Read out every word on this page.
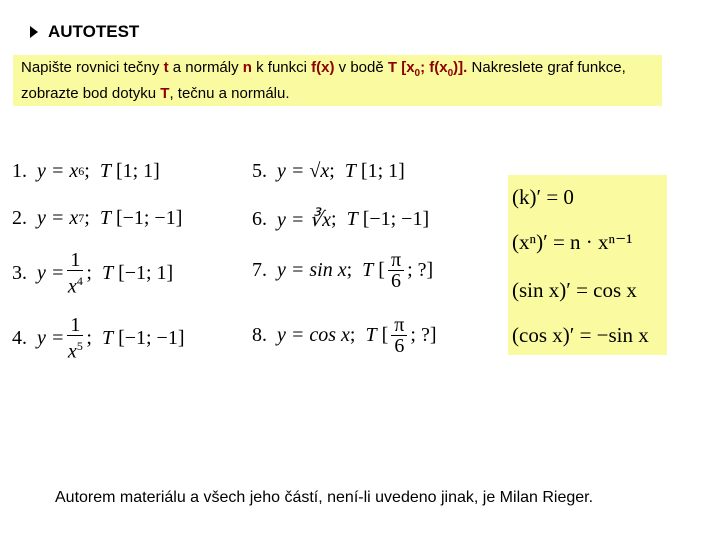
AUTOTEST
Napište rovnici tečny t a normály n k funkci f(x) v bodě T [$x_0$; $f(x_0)$]. Nakreslete graf funkce, zobrazte bod dotyku T, tečnu a normálu.
1. y = x 6 ; T
[1; 1]
2. y = x 7 ; T
[−1; −1]
3. $y = \frac{1}{x^4}$ ; T
[−1; 1]
4. $y = \frac{1}{x^5}$ ; T
[−1; −1]
5. y = √x ; T
[1; 1]
6. y = ∛x ; T
[−1; −1]
7. y = sin x ; T
[ $\frac{\pi}{6}$ ; ? ]
8. y = cos x ; T
[ $\frac{\pi}{6}$ ; ? ]
(k)′ = 0
(xⁿ)′ = n · xⁿ⁻¹
(sin x)′ = cos x
(cos x)′ = −sin x
Autorem materiálu a všech jeho částí, není-li uvedeno jinak, je Milan Rieger.
